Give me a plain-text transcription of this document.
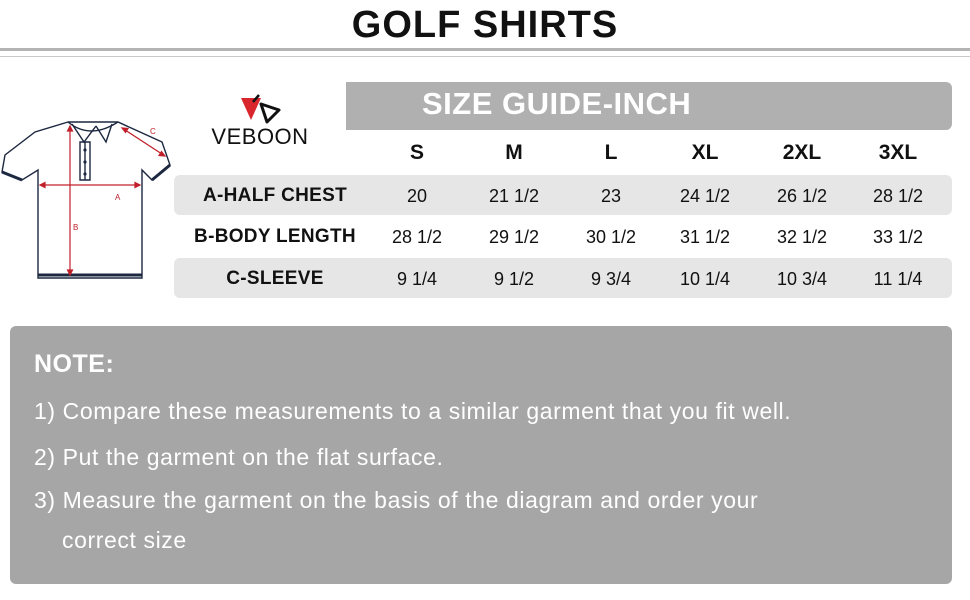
GOLF SHIRTS
A
B
C	VEBOON
SIZE GUIDE-INCH
S	M	L	XL	2XL	3XL
A-HALF CHEST	20	21 1/2	23	24 1/2	26 1/2	28 1/2
B-BODY LENGTH	28 1/2	29 1/2	30 1/2	31 1/2	32 1/2	33 1/2
C-SLEEVE	9 1/4	9 1/2	9 3/4	10 1/4	10 3/4	11 1/4
NOTE:
1) Compare these measurements to a similar garment that you fit well.
2) Put the garment on the flat surface.
3) Measure the garment on the basis of the diagram and order your
correct size
